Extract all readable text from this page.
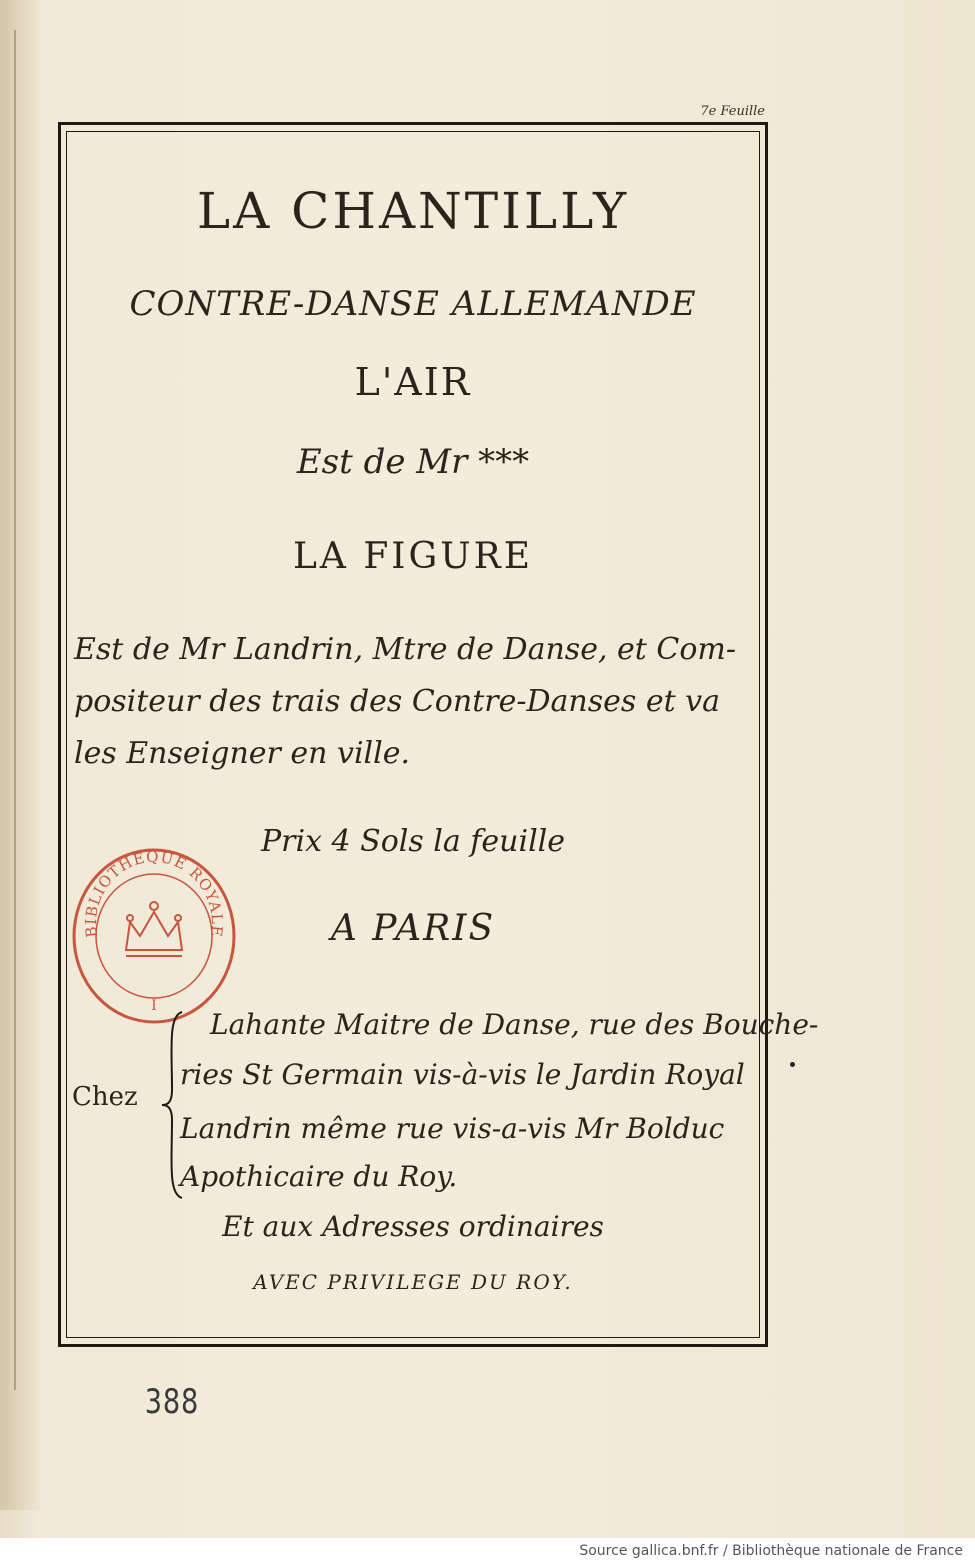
7e Feuille
LA CHANTILLY
CONTRE-DANSE ALLEMANDE
L'AIR
Est de Mr ***
LA FIGURE
Est de Mr Landrin, Mtre de Danse, et Com-
positeur des trais des Contre-Danses et va
les Enseigner en ville.
Prix 4 Sols la feuille
A PARIS
BIBLIOTHEQUE ROYALE
I
Chez
Lahante Maitre de Danse, rue des Bouche-
ries St Germain vis-à-vis le Jardin Royal
Landrin même rue vis-a-vis Mr Bolduc
Apothicaire du Roy.
Et aux Adresses ordinaires
AVEC PRIVILEGE DU ROY.
388
Source gallica.bnf.fr / Bibliothèque nationale de France
